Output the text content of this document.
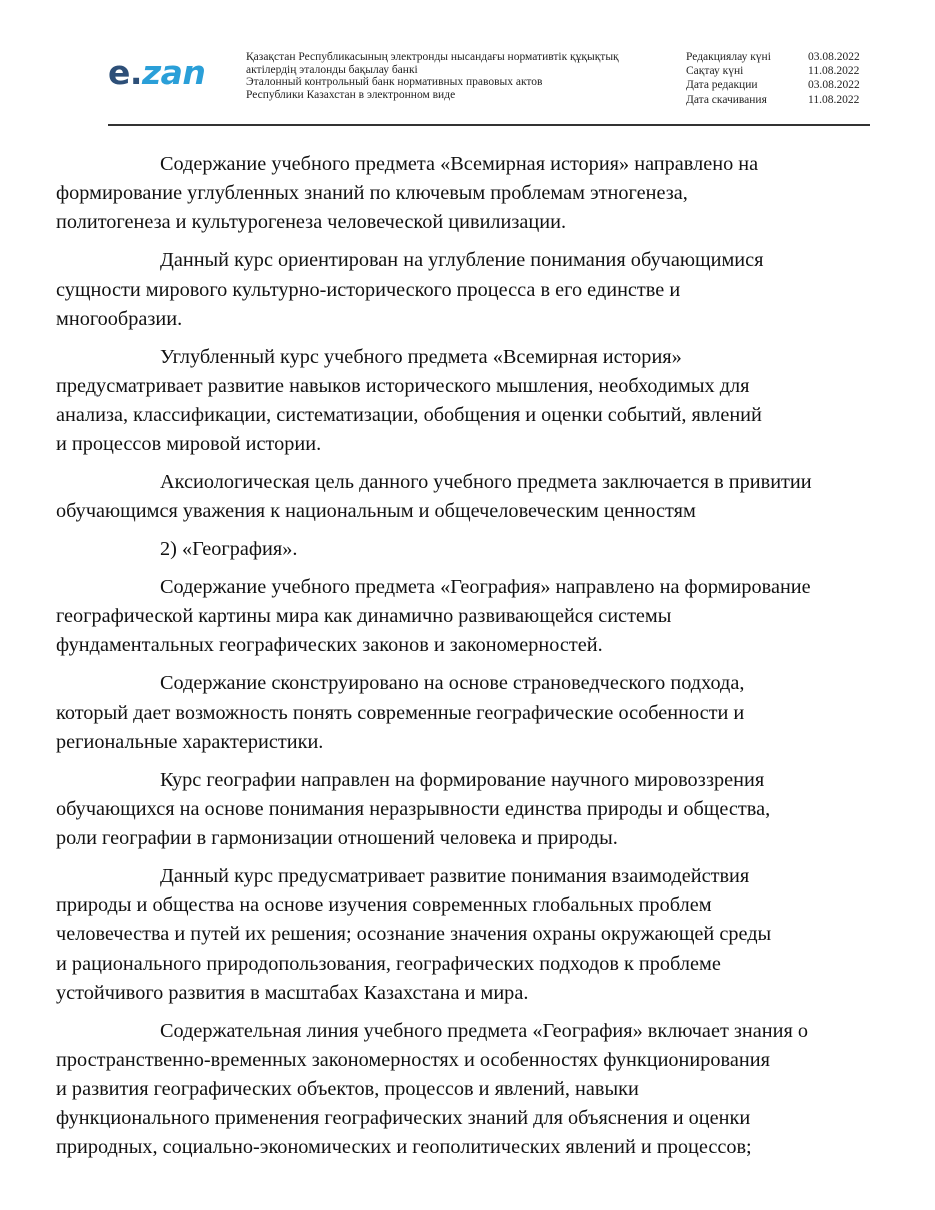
e.zan	Қазақстан Республикасының электронды нысандағы нормативтік құқықтық
актілердің эталонды бақылау банкі
Эталонный контрольный банк нормативных правовых актов
Республики Казахстан в электронном виде
Редакциялау күні	03.08.2022
Сақтау күні	11.08.2022
Дата редакции	03.08.2022
Дата скачивания	11.08.2022

Содержание учебного предмета «Всемирная история» направлено на
формирование углубленных знаний по ключевым проблемам этногенеза,
политогенеза и культурогенеза человеческой цивилизации.

Данный курс ориентирован на углубление понимания обучающимися
сущности мирового культурно-исторического процесса в его единстве и
многообразии.

Углубленный курс учебного предмета «Всемирная история»
предусматривает развитие навыков исторического мышления, необходимых для
анализа, классификации, систематизации, обобщения и оценки событий, явлений
и процессов мировой истории.

Аксиологическая цель данного учебного предмета заключается в привитии
обучающимся уважения к национальным и общечеловеческим ценностям

2) «География».

Содержание учебного предмета «География» направлено на формирование
географической картины мира как динамично развивающейся системы
фундаментальных географических законов и закономерностей.

Содержание сконструировано на основе страноведческого подхода,
который дает возможность понять современные географические особенности и
региональные характеристики.

Курс географии направлен на формирование научного мировоззрения
обучающихся на основе понимания неразрывности единства природы и общества,
роли географии в гармонизации отношений человека и природы.

Данный курс предусматривает развитие понимания взаимодействия
природы и общества на основе изучения современных глобальных проблем
человечества и путей их решения; осознание значения охраны окружающей среды
и рационального природопользования, географических подходов к проблеме
устойчивого развития в масштабах Казахстана и мира.

Содержательная линия учебного предмета «География» включает знания о
пространственно-временных закономерностях и особенностях функционирования
и развития географических объектов, процессов и явлений, навыки
функционального применения географических знаний для объяснения и оценки
природных, социально-экономических и геополитических явлений и процессов;
